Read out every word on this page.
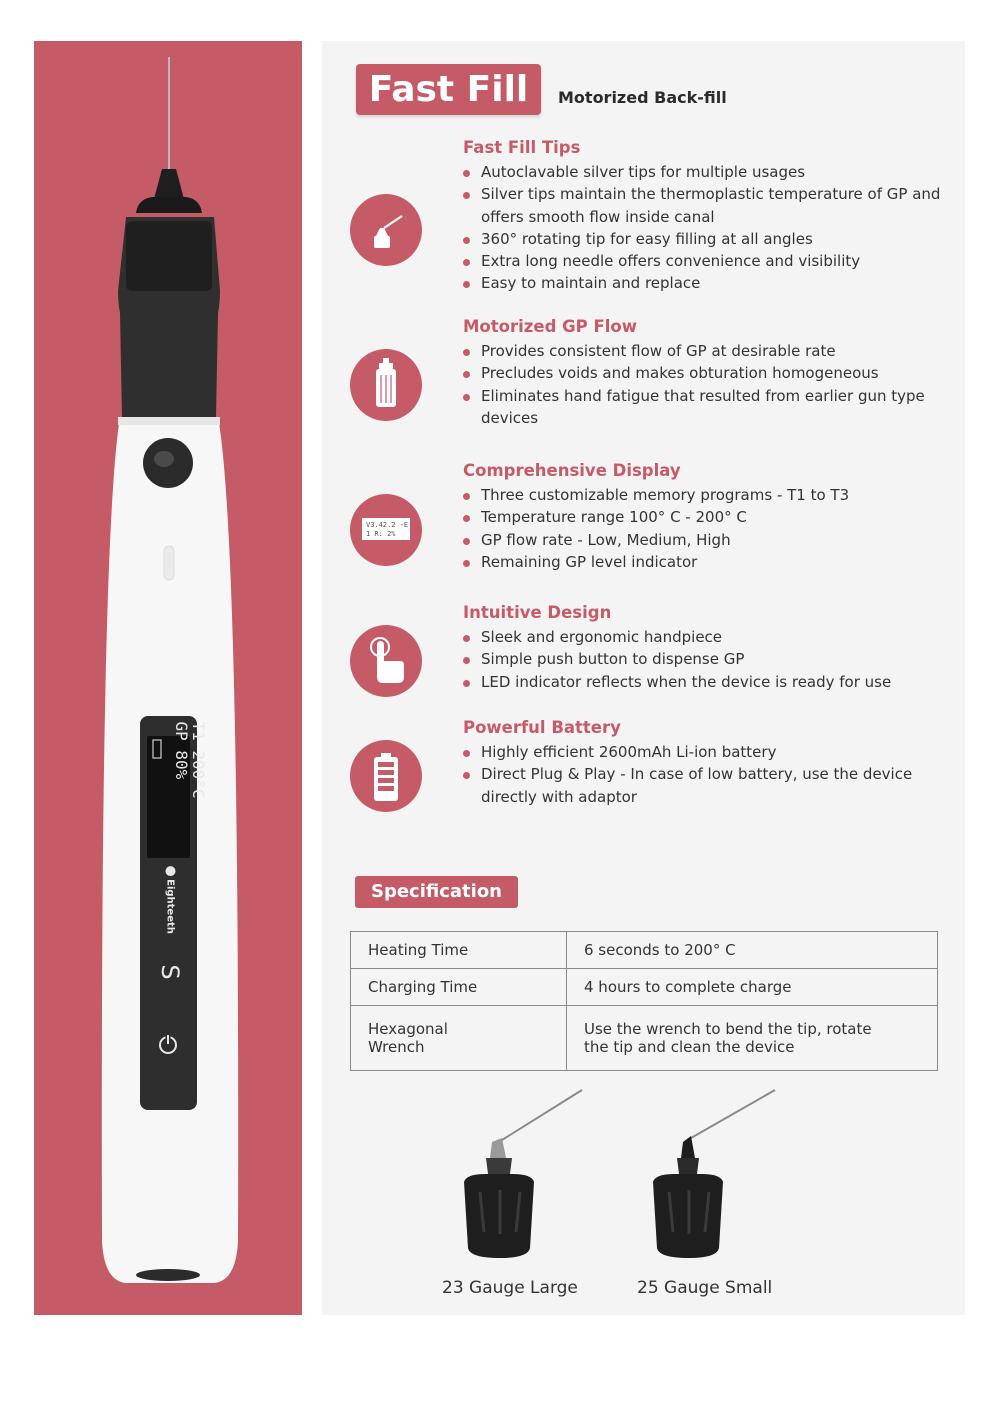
T1 200°C
GP 80%
Eighteeth
S
Fast Fill	Motorized Back-fill
Fast Fill Tips
Autoclavable silver tips for multiple usages
Silver tips maintain the thermoplastic temperature of GP and offers smooth flow inside canal
360° rotating tip for easy filling at all angles
Extra long needle offers convenience and visibility
Easy to maintain and replace
Motorized GP Flow
Provides consistent flow of GP at desirable rate
Precludes voids and makes obturation homogeneous
Eliminates hand fatigue that resulted from earlier gun type devices
V3.42.2 -E
1 R: 2%
Comprehensive Display
Three customizable memory programs - T1 to T3
Temperature range 100° C - 200° C
GP flow rate - Low, Medium, High
Remaining GP level indicator
Intuitive Design
Sleek and ergonomic handpiece
Simple push button to dispense GP
LED indicator reflects when the device is ready for use
Powerful Battery
Highly efficient 2600mAh Li-ion battery
Direct Plug & Play - In case of low battery, use the device directly with adaptor
Specification
Heating Time	6 seconds to 200° C
Charging Time	4 hours to complete charge

Hexagonal Wrench	Use the wrench to bend the tip, rotate the tip and clean the device
23 Gauge Large	25 Gauge Small
